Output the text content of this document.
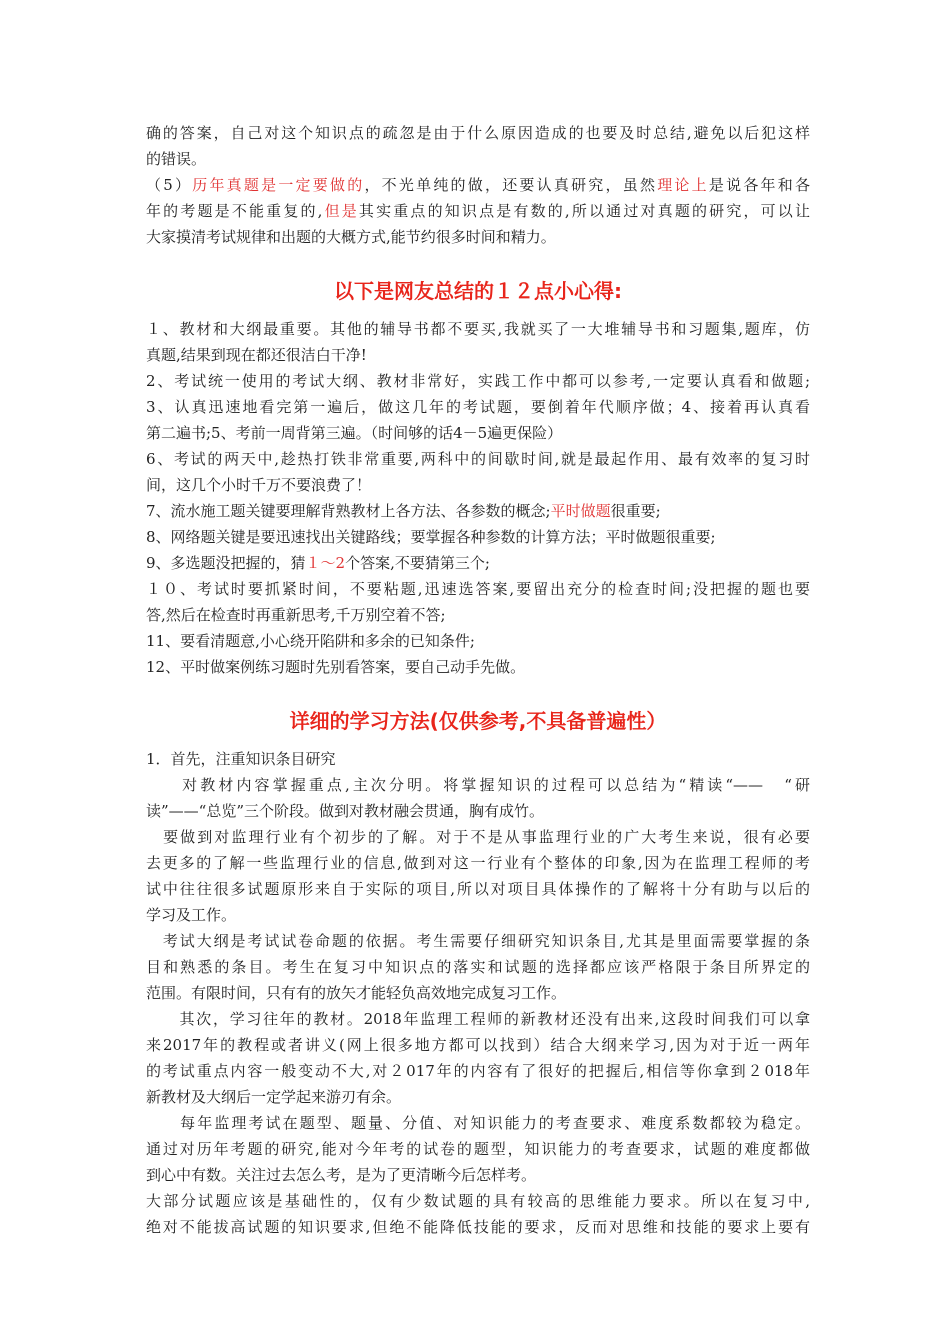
确的答案，自己对这个知识点的疏忽是由于什么原因造成的也要及时总结,避免以后犯这样
的错误。
（5）历年真题是一定要做的，不光单纯的做，还要认真研究，虽然理论上是说各年和各
年的考题是不能重复的,但是其实重点的知识点是有数的,所以通过对真题的研究，可以让
大家摸清考试规律和出题的大概方式,能节约很多时间和精力。
以下是网友总结的１２点小心得:
１、教材和大纲最重要。其他的辅导书都不要买,我就买了一大堆辅导书和习题集,题库，仿
真题,结果到现在都还很洁白干净!
2、考试统一使用的考试大纲、教材非常好，实践工作中都可以参考,一定要认真看和做题;
3、认真迅速地看完第一遍后，做这几年的考试题，要倒着年代顺序做；4、接着再认真看
第二遍书;5、考前一周背第三遍。（时间够的话4－5遍更保险）
6、考试的两天中,趁热打铁非常重要,两科中的间歇时间,就是最起作用、最有效率的复习时
间，这几个小时千万不要浪费了！
7、流水施工题关键要理解背熟教材上各方法、各参数的概念;平时做题很重要;
8、网络题关键是要迅速找出关键路线；要掌握各种参数的计算方法；平时做题很重要;
9、多选题没把握的，猜１～2个答案,不要猜第三个;
１０、考试时要抓紧时间，不要粘题,迅速选答案,要留出充分的检查时间;没把握的题也要
答,然后在检查时再重新思考,千万别空着不答;
11、要看清题意,小心绕开陷阱和多余的已知条件;
12、平时做案例练习题时先别看答案，要自己动手先做。
详细的学习方法(仅供参考,不具备普遍性）
1．首先，注重知识条目研究
　　对教材内容掌握重点,主次分明。将掌握知识的过程可以总结为“精读“——　“研
读”——“总览”三个阶段。做到对教材融会贯通，胸有成竹。
　要做到对监理行业有个初步的了解。对于不是从事监理行业的广大考生来说，很有必要
去更多的了解一些监理行业的信息,做到对这一行业有个整体的印象,因为在监理工程师的考
试中往往很多试题原形来自于实际的项目,所以对项目具体操作的了解将十分有助与以后的
学习及工作。
　考试大纲是考试试卷命题的依据。考生需要仔细研究知识条目,尤其是里面需要掌握的条
目和熟悉的条目。考生在复习中知识点的落实和试题的选择都应该严格限于条目所界定的
范围。有限时间，只有有的放矢才能轻负高效地完成复习工作。
　　其次，学习往年的教材。2018年监理工程师的新教材还没有出来,这段时间我们可以拿
来2017年的教程或者讲义(网上很多地方都可以找到）结合大纲来学习,因为对于近一两年
的考试重点内容一般变动不大,对２017年的内容有了很好的把握后,相信等你拿到２018年
新教材及大纲后一定学起来游刃有余。
　　每年监理考试在题型、题量、分值、对知识能力的考查要求、难度系数都较为稳定。
通过对历年考题的研究,能对今年考的试卷的题型，知识能力的考查要求，试题的难度都做
到心中有数。关注过去怎么考，是为了更清晰今后怎样考。
大部分试题应该是基础性的，仅有少数试题的具有较高的思维能力要求。所以在复习中,
绝对不能拔高试题的知识要求,但绝不能降低技能的要求，反而对思维和技能的要求上要有
